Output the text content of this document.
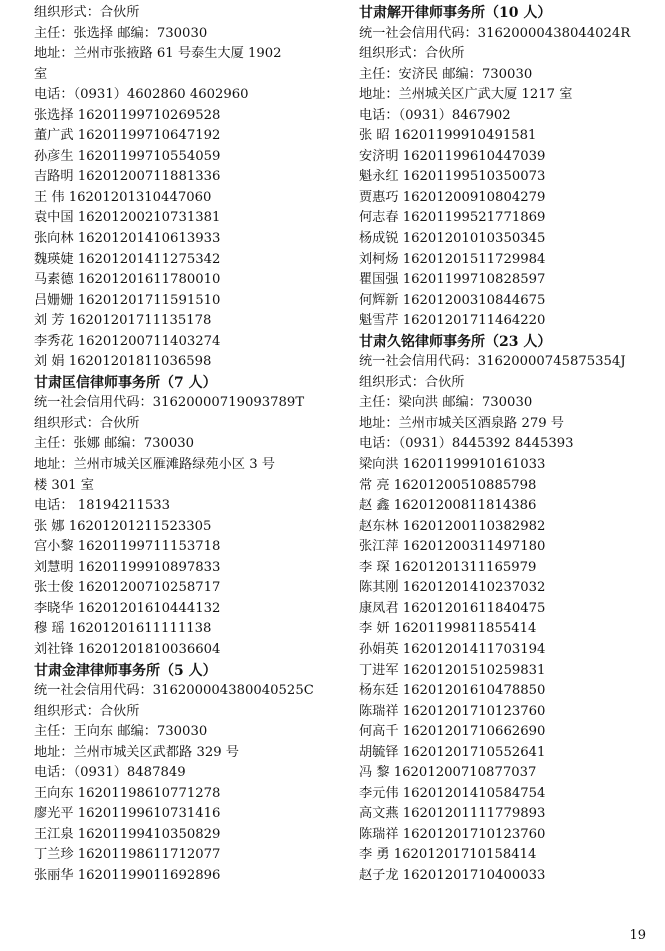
组织形式：合伙所
主任：张选择 邮编：730030
地址：兰州市张掖路 61 号泰生大厦 1902
室
电话：（0931）4602860 4602960
张选择 16201199710269528
董广武 16201199710647192
孙彦生 16201199710554059
吉路明 16201200711881336
王 伟 16201201310447060
袁中国 16201200210731381
张向林 16201201410613933
魏瑛婕 16201201411275342
马素德 16201201611780010
吕姗姗 16201201711591510
刘 芳 16201201711135178
李秀花 16201200711403274
刘 娟 16201201811036598
甘肃匡信律师事务所（7 人）
统一社会信用代码：31620000719093789T
组织形式：合伙所
主任：张娜 邮编：730030
地址：兰州市城关区雁滩路绿苑小区 3 号
楼 301 室
电话： 18194211533
张 娜 16201201211523305
宫小黎 16201199711153718
刘慧明 16201199910897833
张士俊 16201200710258717
李晓华 16201201610444132
穆 瑶 16201201611111138
刘社锋 16201201810036604
甘肃金津律师事务所（5 人）
统一社会信用代码：316200004380040525C
组织形式：合伙所
主任：王向东 邮编：730030
地址：兰州市城关区武都路 329 号
电话：（0931）8487849
王向东 16201198610771278
廖光平 16201199610731416
王江泉 16201199410350829
丁兰珍 16201198611712077
张丽华 16201199011692896
甘肃解开律师事务所（10 人）
统一社会信用代码：31620000438044024R
组织形式：合伙所
主任：安济民 邮编：730030
地址：兰州城关区广武大厦 1217 室
电话：（0931）8467902
张 昭 16201199910491581
安济明 16201199610447039
魁永红 16201199510350073
贾惠巧 16201200910804279
何志春 16201199521771869
杨成锐 16201201010350345
刘柯炀 16201201511729984
瞿国强 16201199710828597
何辉新 16201200310844675
魁雪芹 16201201711464220
甘肃久铭律师事务所（23 人）
统一社会信用代码：31620000745875354J
组织形式：合伙所
主任：梁向洪 邮编：730030
地址：兰州市城关区酒泉路 279 号
电话：（0931）8445392 8445393
梁向洪 16201199910161033
常 亮 16201200510885798
赵 鑫 16201200811814386
赵东林 16201200110382982
张江萍 16201200311497180
李 琛 16201201311165979
陈其刚 16201201410237032
康凤君 16201201611840475
李 妍 16201199811855414
孙娟英 16201201411703194
丁进军 16201201510259831
杨东廷 16201201610478850
陈瑞祥 16201201710123760
何高千 16201201710662690
胡毓铎 16201201710552641
冯 黎 16201200710877037
李元伟 16201201410584754
高文燕 16201201111779893
陈瑞祥 16201201710123760
李 勇 16201201710158414
赵子龙 16201201710400033
19
